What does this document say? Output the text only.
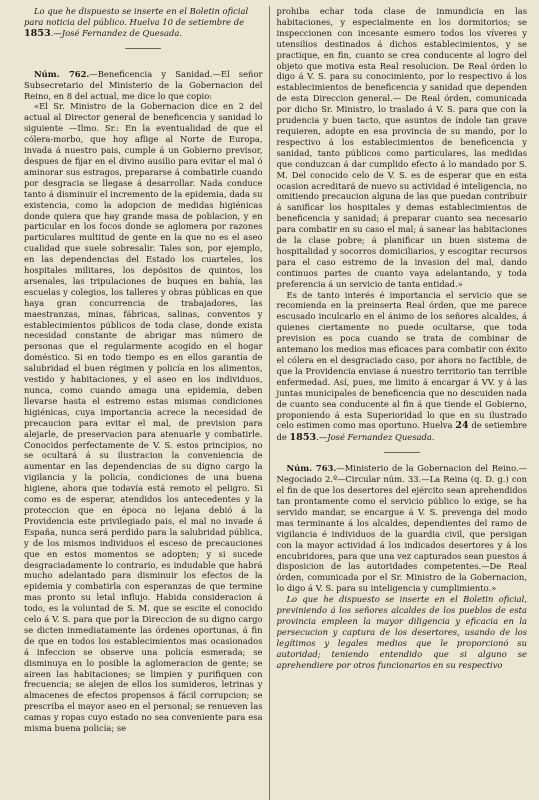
Lo que he dispuesto se inserte en el Boletin oficial para noticia del público. Huelva 10 de setiembre de 1853.—José Fernandez de Quesada.

Núm. 762.—Beneficencia y Sanidad.—El señor Subsecretario del Ministerio de la Gobernacion del Reino, en 8 del actual, me dice lo que copio:

«El Sr. Ministro de la Gobernacion dice en 2 del actual al Director general de beneficencia y sanidad lo siguiente —Ilmo. Sr.: En la eventualidad de que el cólera-morbo, que hoy aflige al Norte de Europa, invada á nuestro pais, cumple á un Gobierno previsor, despues de fijar en el divino ausilio para evitar el mal ó aminorar sus estragos, prepararse á combatirle cuando por desgracia se llegase á desarrollar. Nada conduce tanto á disminuir el incremento de la epidemia, dada su existencia, como la adopcion de medidas higiénicas donde quiera que hay grande masa de poblacion, y en particular en los focos donde se aglomera por razones particulares multitud de gente en la que no es el aseo cualidad que suele sobresalir. Tales son, por ejemplo, en las dependencias del Estado los cuarteles, los hospitales militares, los depósitos de quintos, los arsenales, las tripulaciones de buques en bahía, las escuelas y colegios, los talleres y obras públicas en que haya gran concurrencia de trabajadores, las maestranzas, minas, fábricas, salinas, conventos y establecimientos públicos de toda clase, donde exista necesidad constante de abrigar mas número de personas que el regularmente acogido en el hogar doméstico. Si en todo tiempo es en ellos garantía de salubridad el buen régimen y policía en los alimentos, vestido y habitaciones, y el aseo en los individuos, nunca, como cuando amaga una epidemia, deben llevarse hasta el estremo estas mismas condiciones higiénicas, cuya importancia acrece la necesidad de precaucion para evitar el mal, de prevision para alejarle, de preservacion para atenuarle y combatirle. Conocidos perfectamente de V. S. estos principios, no se ocultará á su ilustracion la conveniencia de aumentar en las dependencias de su digno cargo la vigilancia y la policía, condiciones de una buena higiene, ahora que todavía está remoto el peligro. Si como es de esperar, atendidos los antecedentes y la proteccion que en época no lejana debió á la Providencia este privilegiado pais, el mal no invade á España, nunca será perdido para la salubridad pública, y de los mismos individuos el esceso de precauciones que en estos momentos se adopten; y si sucede desgraciadamente lo contrario, es indudable que habrá mucho adelantado para disminuir los efectos de la epidemia y combatirla con esperanzas de que termine mas pronto su letal influjo. Habida consideracion á todo, es la voluntad de S. M. que se escite el conocido celo á V. S. para que por la Direccion de su digno cargo se dicten inmediatamente las órdenes oportunas, á fin de que en todos los establecimientos mas ocasionados á infeccion se observe una policía esmerada; se disminuya en lo posible la aglomeracion de gente; se aireen las habitaciones; se limpien y purifiquen con frecuencia; se alejen de ellos los sumideros, letrinas y almacenes de efectos propensos á fácil corrupcion; se prescriba el mayor aseo en el personal; se renueven las camas y ropas cuyo estado no sea conveniente para esa misma buena policía; se

prohiba echar toda clase de inmundicia en las habitaciones, y especialmente en los dormitorios; se inspeccionen con incesante esmero todos los víveres y utensilios destinados á dichos establecimientos, y se practique, en fin, cuanto se crea conducente al logro del objeto que motiva esta Real resolucion. De Real órden lo digo á V. S. para su conocimiento, por lo respectivo á los establecimientos de beneficencia y sanidad que dependen de esta Direccion general.— De Real órden, comunicada por dicho Sr. Ministro, lo traslado á V. S. para que con la prudencia y buen tacto, que asuntos de índole tan grave requieren, adopte en esa provincia de su mando, por lo respectivo á los establecimientos de beneficencia y sanidad, tanto públicos como particulares, las medidas que conduzcan á dar cumplido efecto á lo mandado por S. M. Del conocido celo de V. S. es de esperar que en esta ocasion acreditará de nuevo su actividad é inteligencia, no omitiendo precaucion alguna de las que puedan contribuir á sanificar los hospitales y demas establecimientos de beneficencia y sanidad; á preparar cuanto sea necesario para combatir en su caso el mal; á sanear las habitaciones de la clase pobre; á planificar un buen sistema de hospitalidad y socorros domiciliarios, y escogitar recursos para el caso estremo de la invasion del mal, dando continuos partes de cuanto vaya adelantando, y toda preferencia á un servicio de tanta entidad.»

Es de tanto interés é importancia el servicio que se recomienda en la preinserta Real órden, que me parece escusado inculcarlo en el ánimo de los señores alcaldes, á quienes ciertamente no puede ocultarse, que toda prevision es poca cuando se trata de combinar de antemano los medios mas eficaces para combatir con éxito el cólera en el desgraciado caso, por ahora no factible, de que la Providencia enviase á nuestro territorio tan terrible enfermedad. Así, pues, me limito á encargar á VV. y á las juntas municipales de beneficencia que no descuiden nada de cuanto sea conducente al fin á que tiende el Gobierno, proponiendo á esta Superioridad lo que en su ilustrado celo estimen como mas oportuno. Huelva 24 de setiembre de 1853.—José Fernandez Quesada.

Núm. 763.—Ministerio de la Gobernacion del Reino.—Negociado 2.º—Circular núm. 33.—La Reina (q. D. g.) con el fin de que los desertores del ejército sean aprehendidos tan prontamente como el servicio público lo exige, se ha servido mandar, se encargue á V. S. prevenga del modo mas terminante á los alcaldes, dependientes del ramo de vigilancia é individuos de la guardia civil, que persigan con la mayor actividad á los indicados desertores y á los encubridores, para que una vez capturados sean puestos á disposicion de las autoridades competentes.—De Real órden, comunicada por el Sr. Ministro de la Gobernacion, lo digo á V. S. para su inteligencia y cumplimiento.»

Lo que he dispuesto se inserte en el Boletin oficial, previniendo á los señores alcaldes de los pueblos de esta provincia empleen la mayor diligencia y eficacia en la persecucion y captura de los desertores, usando de los legítimos y legales medios que le proporcionó su autoridad; teniendo entendido que si alguno se aprehendiere por otros funcionarios en su respectivo
